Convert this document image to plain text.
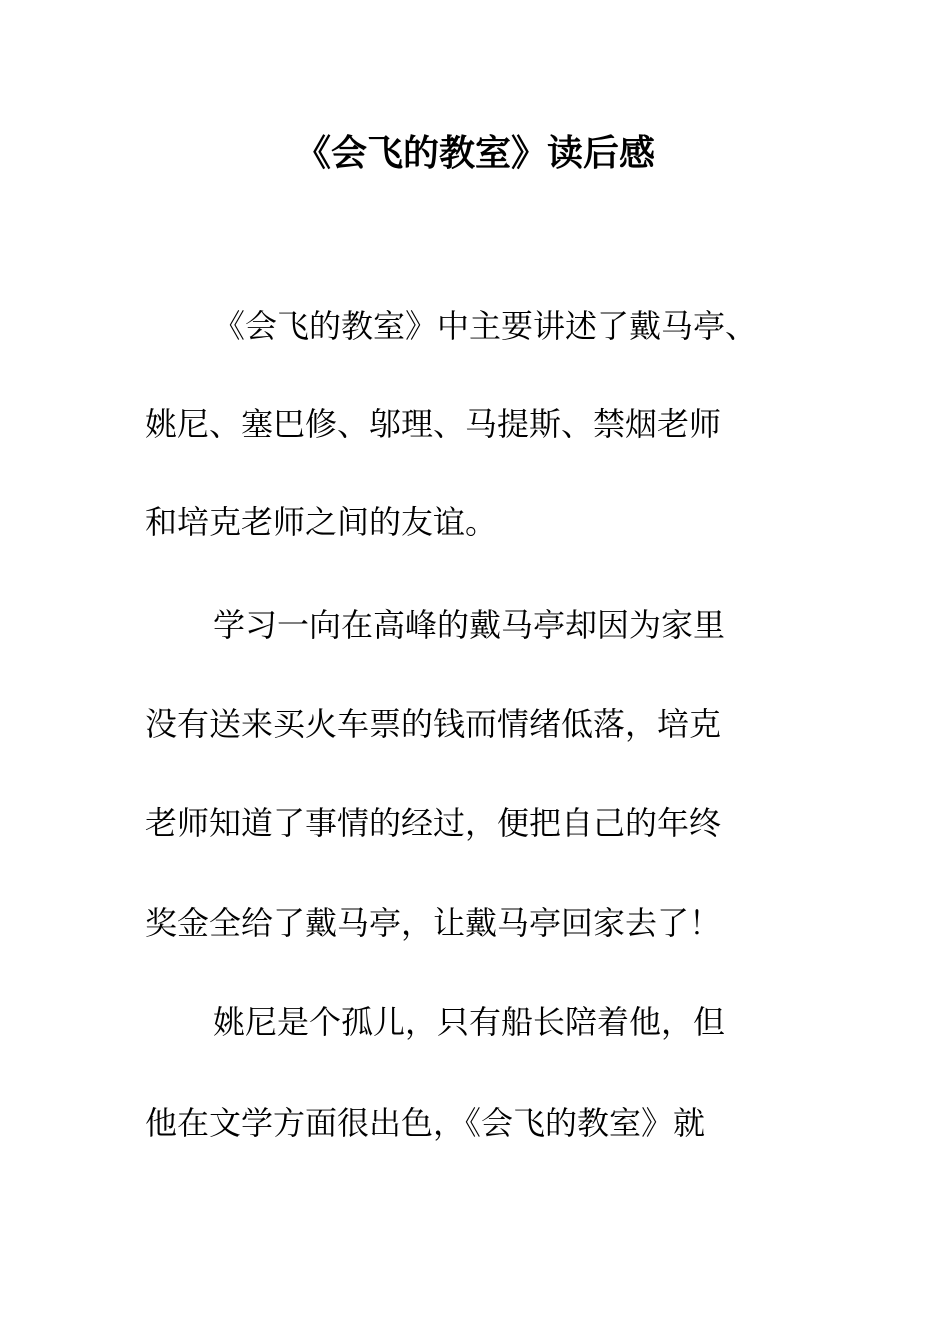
《会飞的教室》读后感
《会飞的教室》中主要讲述了戴马亭、
姚尼、塞巴修、邬理、马提斯、禁烟老师
和培克老师之间的友谊。
学习一向在高峰的戴马亭却因为家里
没有送来买火车票的钱而情绪低落，培克
老师知道了事情的经过，便把自己的年终
奖金全给了戴马亭，让戴马亭回家去了！
姚尼是个孤儿，只有船长陪着他，但
他在文学方面很出色，《会飞的教室》就
